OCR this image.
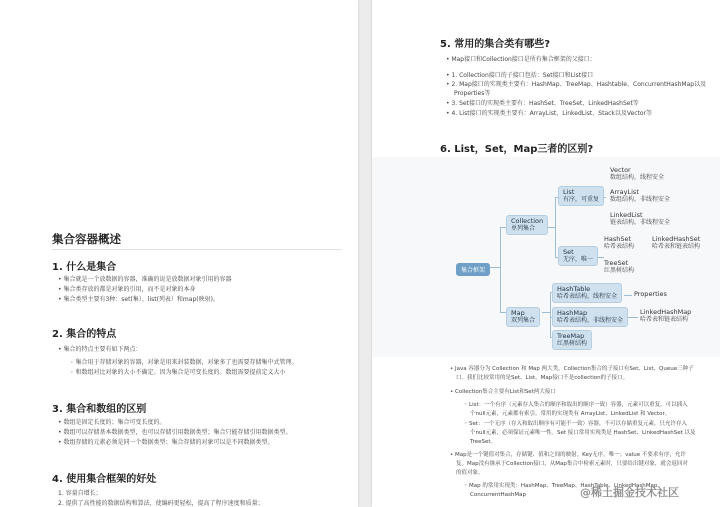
集合容器概述
1. 什么是集合
• 集合就是一个放数据的容器，准确的说是放数据对象引用的容器
• 集合类存放的都是对象的引用，而不是对象的本身
• 集合类型主要有3种：set(集）、list(列表）和map(映射)。
2. 集合的特点
• 集合的特点主要有如下两点：
◦ 集合用于存储对象的容器，对象是用来封装数据，对象多了也需要存储集中式管理。
◦ 和数组对比对象的大小不确定。因为集合是可变长度的。数组需要提前定义大小
3. 集合和数组的区别
• 数组是固定长度的；集合可变长度的。
• 数组可以存储基本数据类型，也可以存储引用数据类型；集合只能存储引用数据类型。
• 数组存储的元素必须是同一个数据类型；集合存储的对象可以是不同数据类型。
4. 使用集合框架的好处
1. 容量自增长；
2. 提供了高性能的数据结构和算法，使编码更轻松，提高了程序速度和质量；
5. 常用的集合类有哪些?
• Map接口和Collection接口是所有集合框架的父接口：
• 1. Collection接口的子接口包括：Set接口和List接口
• 2. Map接口的实现类主要有：HashMap、TreeMap、Hashtable、ConcurrentHashMap以及
Properties等
• 3. Set接口的实现类主要有：HashSet、TreeSet、LinkedHashSet等
• 4. List接口的实现类主要有：ArrayList、LinkedList、Stack以及Vector等
6. List，Set，Map三者的区别?
集合框架
Collection
单列集合
List
有序，可重复
Vector
数组结构，线程安全
ArrayList
数组结构，非线程安全
LinkedList
链表结构，非线程安全
Set
无序，唯一
HashSet
哈希表结构
LinkedHashSet
哈希表和链表结构
TreeSet
红黑树结构
Map
双列集合
HashTable
哈希表结构，线程安全	Properties
HashMap
哈希表结构，非线程安全
LinkedHashMap
哈希表和链表结构
TreeMap
红黑树结构
• Java 容器分为 Collection 和 Map 两大类，Collection集合的子接口有Set、List、Queue三种子
口。我们比较常用的是Set、List，Map接口不是collection的子接口。
• Collection集合主要有List和Set两大接口
◦ List：一个有序（元素存入集合的顺序和取出的顺序一致）容器，元素可以重复，可以插入
个null元素，元素都有索引。常用的实现类有 ArrayList、LinkedList 和 Vector。
◦ Set：一个无序（存入和取出顺序有可能不一致）容器，不可以存储重复元素，只允许存入
个null元素，必须保证元素唯一性。Set 接口常用实现类是 HashSet、LinkedHashSet 以及
TreeSet。
• Map是一个键值对集合，存储键、值和之间的映射。Key无序，唯一；value 不要求有序，允许
复。Map没有继承于Collection接口，从Map集合中检索元素时，只要给出键对象，就会返回对
的值对象。
◦ Map 的常用实现类：HashMap、TreeMap、HashTable、LinkedHashMap、
ConcurrentHashMap	@稀土掘金技术社区
